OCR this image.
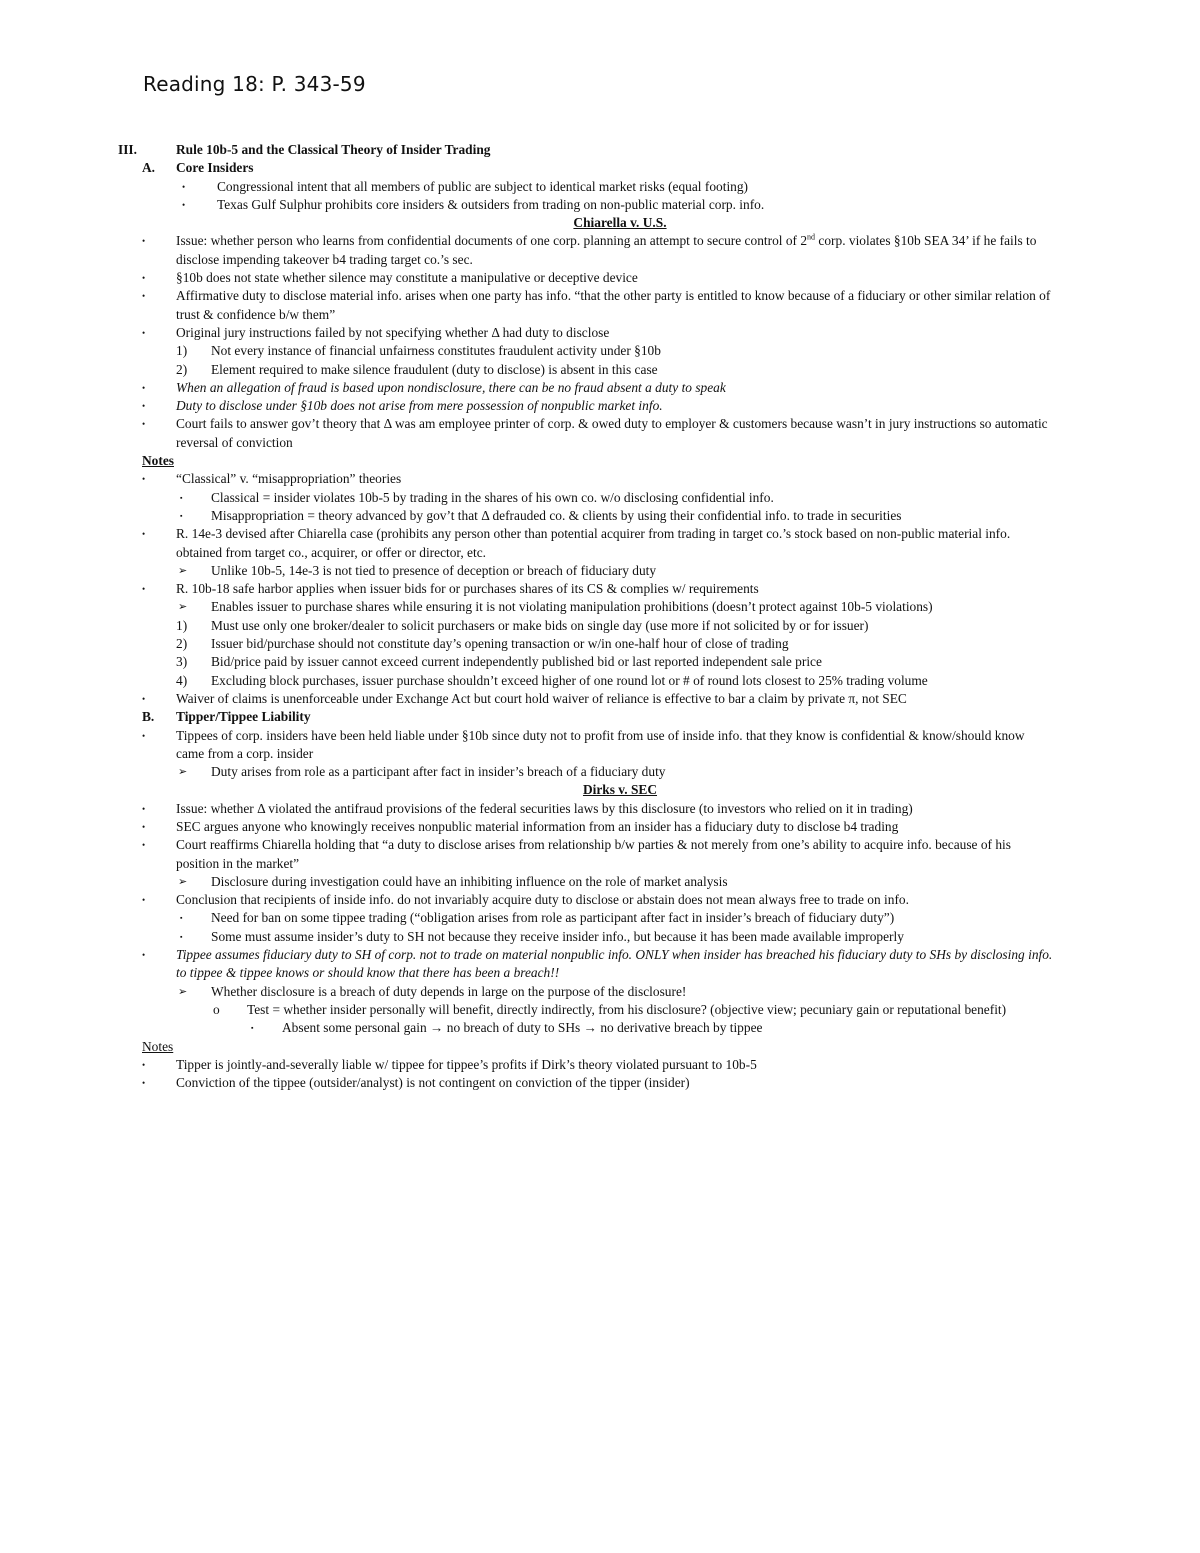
Reading 18: P. 343-59
III.	Rule 10b-5 and the Classical Theory of Insider Trading
A. Core Insiders
• Congressional intent that all members of public are subject to identical market risks (equal footing)
• Texas Gulf Sulphur prohibits core insiders & outsiders from trading on non-public material corp. info.
Chiarella v. U.S.
• Issue: whether person who learns from confidential documents of one corp. planning an attempt to secure control of 2nd corp. violates §10b SEA 34’ if he fails to disclose impending takeover b4 trading target co.’s sec.
• §10b does not state whether silence may constitute a manipulative or deceptive device
• Affirmative duty to disclose material info. arises when one party has info. “that the other party is entitled to know because of a fiduciary or other similar relation of trust & confidence b/w them”
• Original jury instructions failed by not specifying whether Δ had duty to disclose
1) Not every instance of financial unfairness constitutes fraudulent activity under §10b
2) Element required to make silence fraudulent (duty to disclose) is absent in this case
• When an allegation of fraud is based upon nondisclosure, there can be no fraud absent a duty to speak
• Duty to disclose under §10b does not arise from mere possession of nonpublic market info.
• Court fails to answer gov’t theory that Δ was am employee printer of corp. & owed duty to employer & customers because wasn’t in jury instructions so automatic reversal of conviction
Notes
• “Classical” v. “misappropriation” theories
▪ Classical = insider violates 10b-5 by trading in the shares of his own co. w/o disclosing confidential info.
▪ Misappropriation = theory advanced by gov’t that Δ defrauded co. & clients by using their confidential info. to trade in securities
• R. 14e-3 devised after Chiarella case (prohibits any person other than potential acquirer from trading in target co.’s stock based on non-public material info. obtained from target co., acquirer, or offer or director, etc.
➢ Unlike 10b-5, 14e-3 is not tied to presence of deception or breach of fiduciary duty
• R. 10b-18 safe harbor applies when issuer bids for or purchases shares of its CS & complies w/ requirements
➢ Enables issuer to purchase shares while ensuring it is not violating manipulation prohibitions (doesn’t protect against 10b-5 violations)
1) Must use only one broker/dealer to solicit purchasers or make bids on single day (use more if not solicited by or for issuer)
2) Issuer bid/purchase should not constitute day’s opening transaction or w/in one-half hour of close of trading
3) Bid/price paid by issuer cannot exceed current independently published bid or last reported independent sale price
4) Excluding block purchases, issuer purchase shouldn’t exceed higher of one round lot or # of round lots closest to 25% trading volume
• Waiver of claims is unenforceable under Exchange Act but court hold waiver of reliance is effective to bar a claim by private π, not SEC
B. Tipper/Tippee Liability
• Tippees of corp. insiders have been held liable under §10b since duty not to profit from use of inside info. that they know is confidential & know/should know came from a corp. insider
➢ Duty arises from role as a participant after fact in insider’s breach of a fiduciary duty
Dirks v. SEC
• Issue: whether Δ violated the antifraud provisions of the federal securities laws by this disclosure (to investors who relied on it in trading)
• SEC argues anyone who knowingly receives nonpublic material information from an insider has a fiduciary duty to disclose b4 trading
• Court reaffirms Chiarella holding that “a duty to disclose arises from relationship b/w parties & not merely from one’s ability to acquire info. because of his position in the market”
➢ Disclosure during investigation could have an inhibiting influence on the role of market analysis
• Conclusion that recipients of inside info. do not invariably acquire duty to disclose or abstain does not mean always free to trade on info.
▪ Need for ban on some tippee trading (“obligation arises from role as participant after fact in insider’s breach of fiduciary duty”)
▪ Some must assume insider’s duty to SH not because they receive insider info., but because it has been made available improperly
• Tippee assumes fiduciary duty to SH of corp. not to trade on material nonpublic info. ONLY when insider has breached his fiduciary duty to SHs by disclosing info. to tippee & tippee knows or should know that there has been a breach!!
➢ Whether disclosure is a breach of duty depends in large on the purpose of the disclosure!
o Test = whether insider personally will benefit, directly indirectly, from his disclosure? (objective view; pecuniary gain or reputational benefit)
▪ Absent some personal gain → no breach of duty to SHs → no derivative breach by tippee
Notes
• Tipper is jointly-and-severally liable w/ tippee for tippee’s profits if Dirk’s theory violated pursuant to 10b-5
• Conviction of the tippee (outsider/analyst) is not contingent on conviction of the tipper (insider)
